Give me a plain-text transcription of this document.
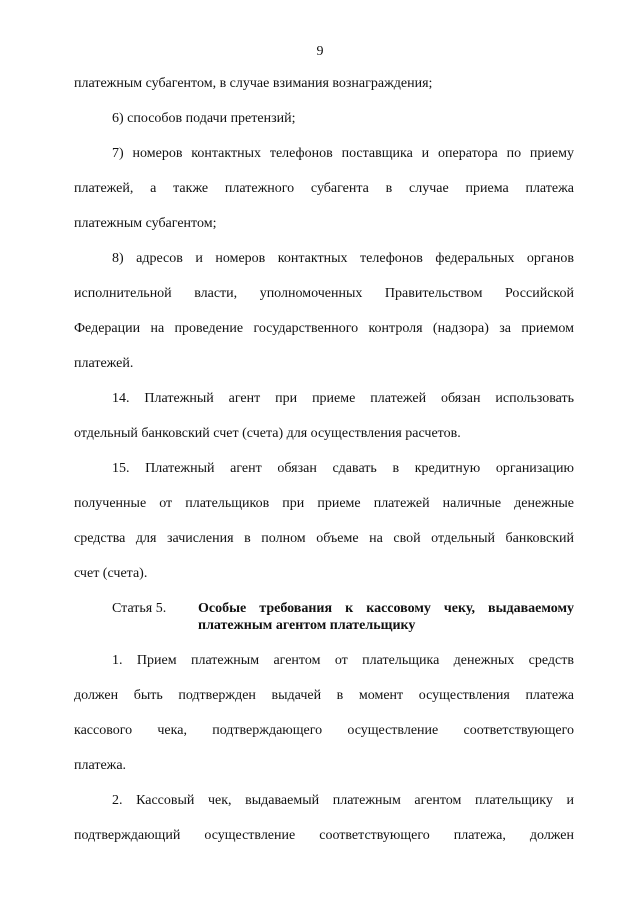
9

платежным субагентом, в случае взимания вознаграждения;

6) способов подачи претензий;

7) номеров контактных телефонов поставщика и оператора по приему
платежей, а также платежного субагента в случае приема платежа
платежным субагентом;

8) адресов и номеров контактных телефонов федеральных органов
исполнительной власти, уполномоченных Правительством Российской
Федерации на проведение государственного контроля (надзора) за приемом
платежей.

14. Платежный агент при приеме платежей обязан использовать
отдельный банковский счет (счета) для осуществления расчетов.

15. Платежный агент обязан сдавать в кредитную организацию
полученные от плательщиков при приеме платежей наличные денежные
средства для зачисления в полном объеме на свой отдельный банковский
счет (счета).

Статья 5.	Особые требования к кассовому чеку, выдаваемому
платежным агентом плательщику

1. Прием платежным агентом от плательщика денежных средств
должен быть подтвержден выдачей в момент осуществления платежа
кассового чека, подтверждающего осуществление соответствующего
платежа.

2. Кассовый чек, выдаваемый платежным агентом плательщику и
подтверждающий осуществление соответствующего платежа, должен
